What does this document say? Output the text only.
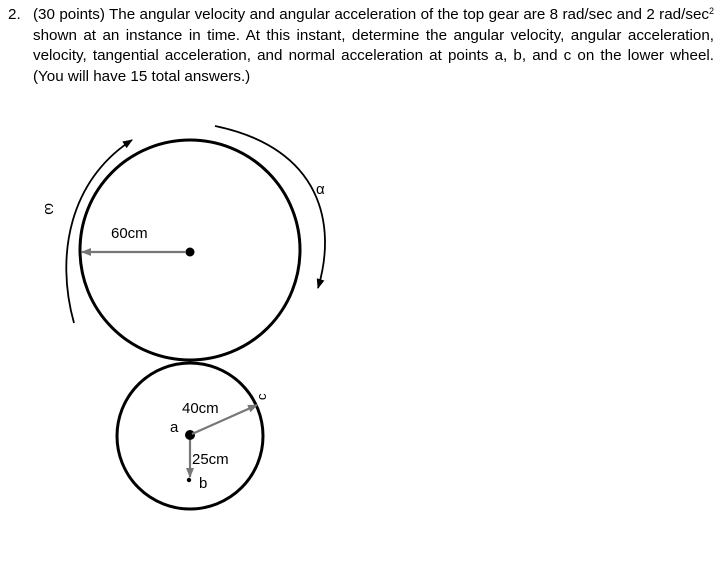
2. (30 points) The angular velocity and angular acceleration of the top gear are 8 rad/sec and 2 rad/$\sec^2$ shown at an instance in time. At this instant, determine the angular velocity, angular acceleration, velocity, tangential acceleration, and normal acceleration at points a, b, and c on the lower wheel. (You will have 15 total answers.)
60cm
ω
α
40cm
25cm
a
b
c
